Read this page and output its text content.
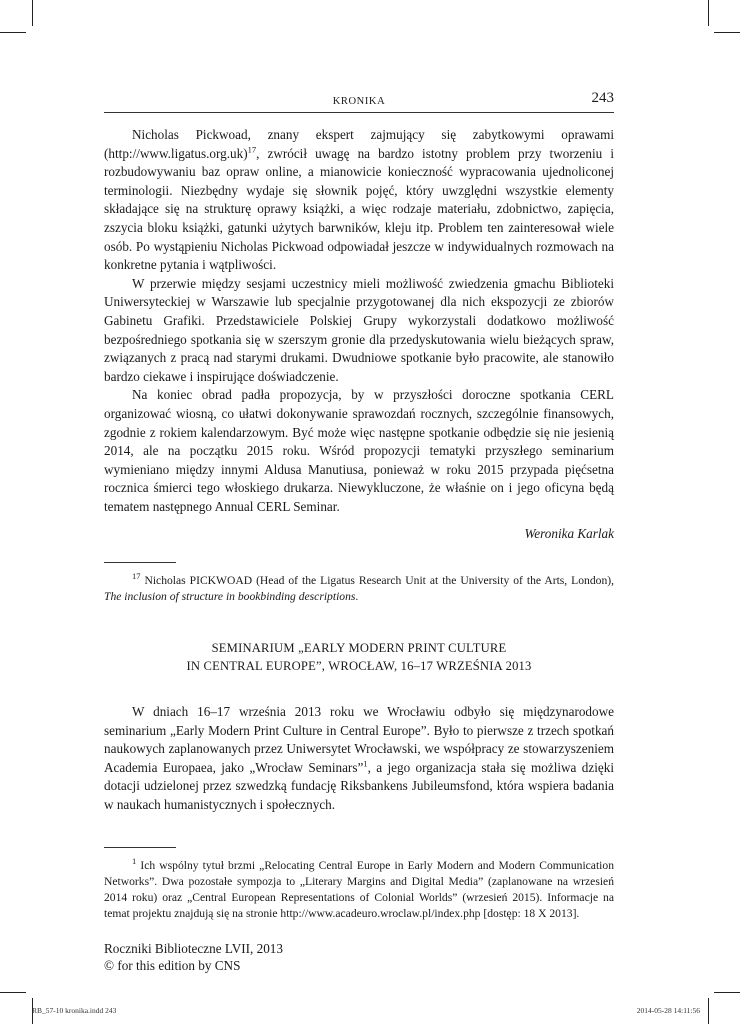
KRONIKA	243

Nicholas Pickwoad, znany ekspert zajmujący się zabytkowymi oprawami (http://www.ligatus.org.uk)$^{17}$, zwrócił uwagę na bardzo istotny problem przy tworzeniu i rozbudowywaniu baz opraw online, a mianowicie konieczność wypracowania ujednoliconej terminologii. Niezbędny wydaje się słownik pojęć, który uwzględni wszystkie elementy składające się na strukturę oprawy książki, a więc rodzaje materiału, zdobnictwo, zapięcia, zszycia bloku książki, gatunki użytych barwników, kleju itp. Problem ten zainteresował wiele osób. Po wystąpieniu Nicholas Pickwoad odpowiadał jeszcze w indywidualnych rozmowach na konkretne pytania i wątpliwości.

W przerwie między sesjami uczestnicy mieli możliwość zwiedzenia gmachu Biblioteki Uniwersyteckiej w Warszawie lub specjalnie przygotowanej dla nich ekspozycji ze zbiorów Gabinetu Grafiki. Przedstawiciele Polskiej Grupy wykorzystali dodatkowo możliwość bezpośredniego spotkania się w szerszym gronie dla przedyskutowania wielu bieżących spraw, związanych z pracą nad starymi drukami. Dwudniowe spotkanie było pracowite, ale stanowiło bardzo ciekawe i inspirujące doświadczenie.

Na koniec obrad padła propozycja, by w przyszłości doroczne spotkania CERL organizować wiosną, co ułatwi dokonywanie sprawozdań rocznych, szczególnie finansowych, zgodnie z rokiem kalendarzowym. Być może więc następne spotkanie odbędzie się nie jesienią 2014, ale na początku 2015 roku. Wśród propozycji tematyki przyszłego seminarium wymieniano między innymi Aldusa Manutiusa, ponieważ w roku 2015 przypada pięćsetna rocznica śmierci tego włoskiego drukarza. Niewykluczone, że właśnie on i jego oficyna będą tematem następnego Annual CERL Seminar.

Weronika Karlak

$^{17}$ Nicholas PICKWOAD (Head of the Ligatus Research Unit at the University of the Arts, London), The inclusion of structure in bookbinding descriptions.

SEMINARIUM „EARLY MODERN PRINT CULTURE
IN CENTRAL EUROPE”, WROCŁAW, 16–17 WRZEŚNIA 2013

W dniach 16–17 września 2013 roku we Wrocławiu odbyło się międzynarodowe seminarium „Early Modern Print Culture in Central Europe”. Było to pierwsze z trzech spotkań naukowych zaplanowanych przez Uniwersytet Wrocławski, we współpracy ze stowarzyszeniem Academia Europaea, jako „Wrocław Seminars”$^1$, a jego organizacja stała się możliwa dzięki dotacji udzielonej przez szwedzką fundację Riksbankens Jubileumsfond, która wspiera badania w naukach humanistycznych i społecznych.

$^1$ Ich wspólny tytuł brzmi „Relocating Central Europe in Early Modern and Modern Communication Networks”. Dwa pozostałe sympozja to „Literary Margins and Digital Media” (zaplanowane na wrzesień 2014 roku) oraz „Central European Representations of Colonial Worlds” (wrzesień 2015). Informacje na temat projektu znajdują się na stronie http://www.acadeuro.wroclaw.pl/index.php [dostęp: 18 X 2013].

Roczniki Biblioteczne LVII, 2013
© for this edition by CNS
RB_57-10 kronika.indd 243	2014-05-28 14:11:56
